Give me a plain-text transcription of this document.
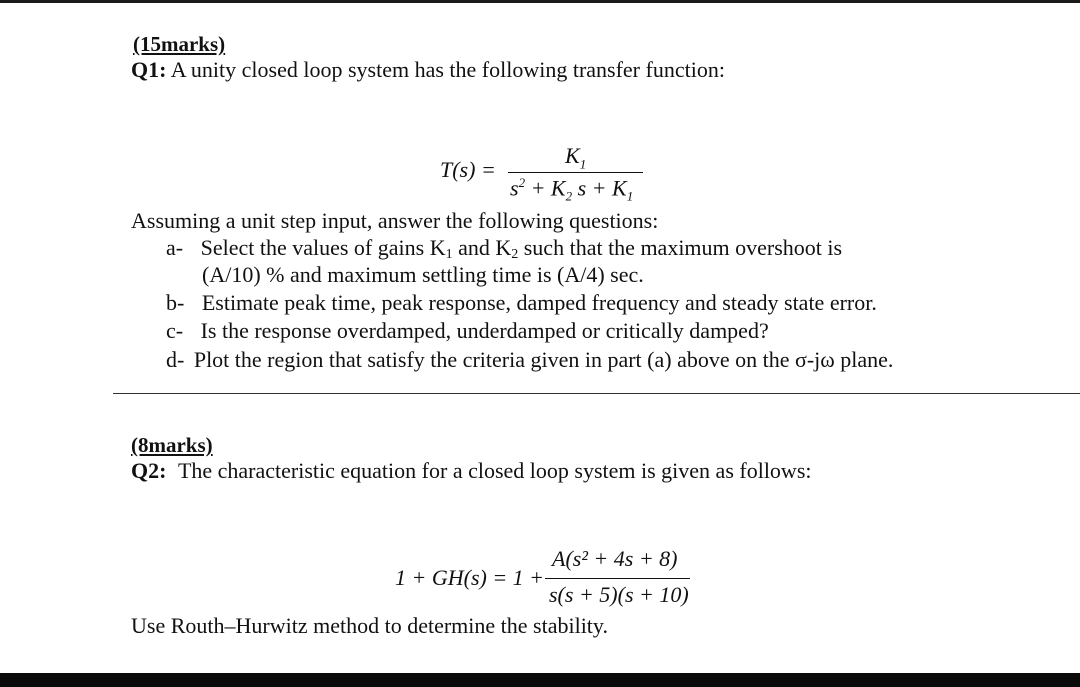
(15marks)
Q1: A unity closed loop system has the following transfer function:
T(s) =
$K_1$
$s^2 + K_2$ $s + K_1$
Assuming a unit step input, answer the following questions:
a- Select the values of gains K1 and K2 such that the maximum overshoot is
(A/10) % and maximum settling time is (A/4) sec.
b- Estimate peak time, peak response, damped frequency and steady state error.
c- Is the response overdamped, underdamped or critically damped?
d- Plot the region that satisfy the criteria given in part (a) above on the σ-jω plane.
(8marks)
Q2: The characteristic equation for a closed loop system is given as follows:
1 + GH(s) = 1 +
A(s² + 4s + 8)
s(s + 5)(s + 10)
Use Routh–Hurwitz method to determine the stability.
